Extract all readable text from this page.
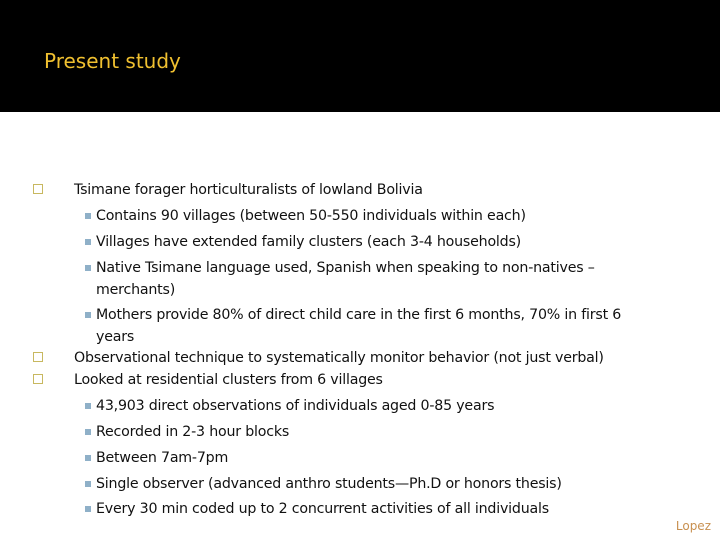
Present study
Tsimane forager horticulturalists of lowland Bolivia
Contains 90 villages (between 50-550 individuals within each)
Villages have extended family clusters (each 3-4 households)
Native Tsimane language used, Spanish when speaking to non-natives –
merchants)
Mothers provide 80% of direct child care in the first 6 months, 70% in first 6
years
Observational technique to systematically monitor behavior (not just verbal)
Looked at residential clusters from 6 villages
43,903 direct observations of individuals aged 0-85 years
Recorded in 2-3 hour blocks
Between 7am-7pm
Single observer (advanced anthro students—Ph.D or honors thesis)
Every 30 min coded up to 2 concurrent activities of all individuals
Lopez
